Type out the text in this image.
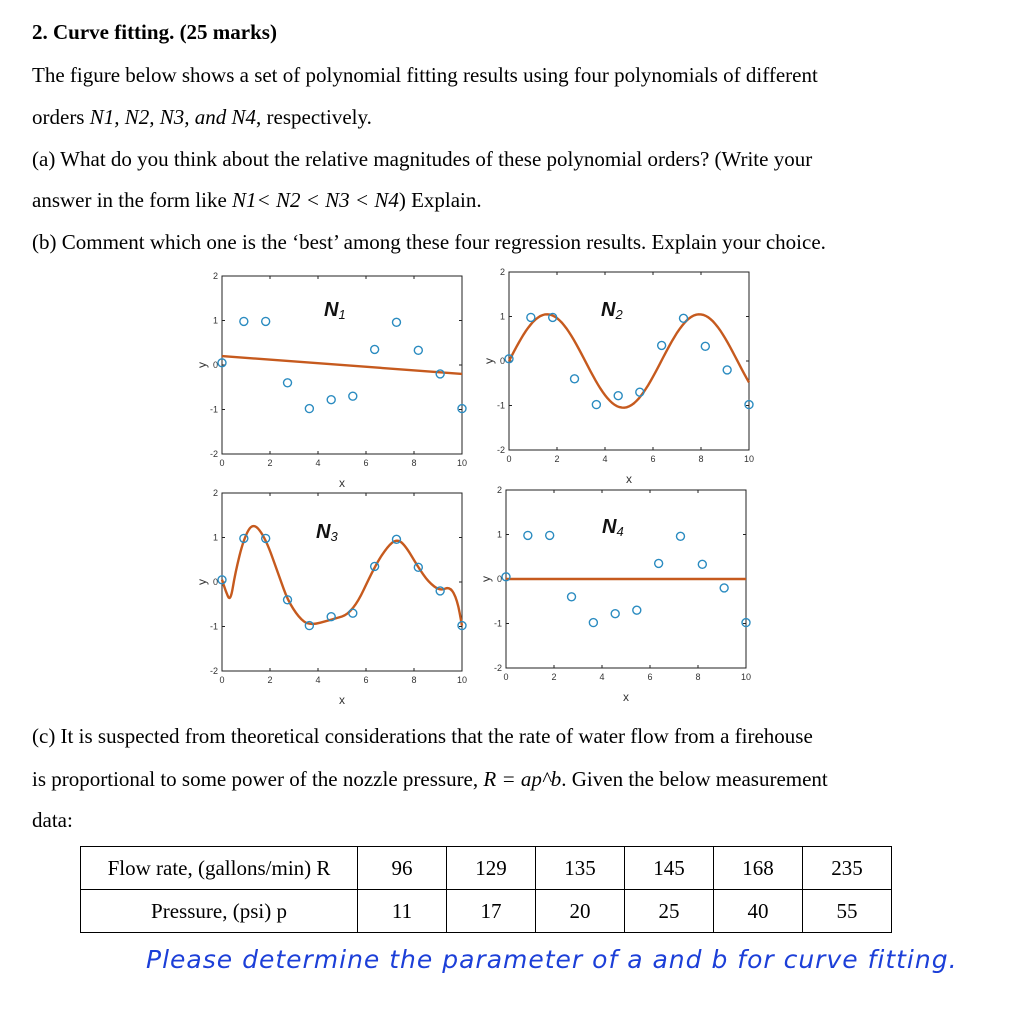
2. Curve fitting. (25 marks)
The figure below shows a set of polynomial fitting results using four polynomials of different
orders N1, N2, N3, and N4, respectively.
(a) What do you think about the relative magnitudes of these polynomial orders? (Write your
answer in the form like N1< N2 < N3 < N4) Explain.
(b) Comment which one is the ‘best’ among these four regression results. Explain your choice.
0	2	4	6	8	10
-2
-1
0
1
2
x
y
N1
0	2	4	6	8	10
-2
-1
0
1
2
x
y
N2
0	2	4	6	8	10
-2
-1
0
1
2
x
y
N3
0	2	4	6	8	10
-2
-1
0
1
2
x
y
N4
(c) It is suspected from theoretical considerations that the rate of water flow from a firehouse
is proportional to some power of the nozzle pressure, R = ap^b. Given the below measurement
data:
Flow rate, (gallons/min) R	96	129	135	145	168	235
Pressure, (psi) p	11	17	20	25	40	55
Please determine the parameter of a and b for curve fitting.
